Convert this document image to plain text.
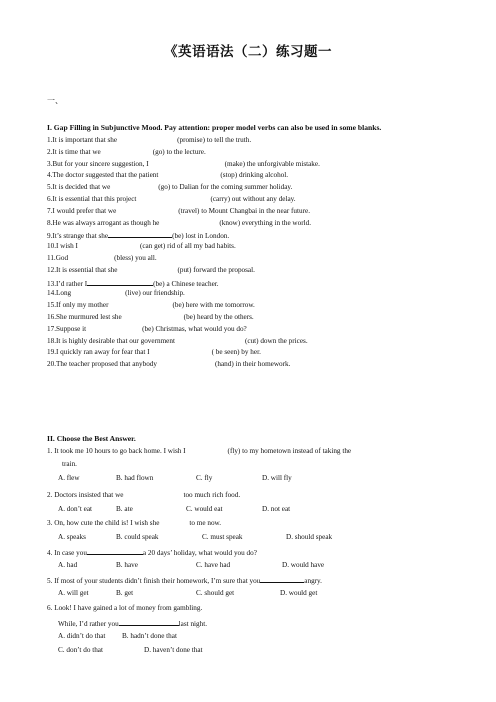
《英语语法（二）练习题一
一、
I. Gap Filling in Subjunctive Mood. Pay attention: proper model verbs can also be used in some blanks.
1.It is important that she	(promise) to tell the truth.
2.It is time that we	(go) to the lecture.
3.But for your sincere suggestion, I	(make) the unforgivable mistake.
4.The doctor suggested that the patient	(stop) drinking alcohol.
5.It is decided that we	(go) to Dalian for the coming summer holiday.
6.It is essential that this project	(carry) out without any delay.
7.I would prefer that we	(travel) to Mount Changbai in the near future.
8.He was always arrogant as though he	(know) everything in the world.
9.It’s strange that she	(be) lost in London.
10.I wish I	(can get) rid of all my bad habits.
11.God	(bless) you all.
12.It is essential that she	(put) forward the proposal.
13.I’d rather I	(be) a Chinese teacher.
14.Long	(live) our friendship.
15.If only my mother	(be) here with me tomorrow.
16.She murmured lest she	(be) heard by the others.
17.Suppose it	(be) Christmas, what would you do?
18.It is highly desirable that our government	(cut) down the prices.
19.I quickly ran away for fear that I	( be seen) by her.
20.The teacher proposed that anybody	(hand) in their homework.
II. Choose the Best Answer.
1. It took me 10 hours to go back home. I wish I	(fly) to my hometown instead of taking the
train.
A. flew	B. had flown	C. fly	D. will fly
2. Doctors insisted that we	too much rich food.
A. don’t eat	B. ate	C. would eat	D. not eat
3. On, how cute the child is! I wish she	to me now.
A. speaks	B. could speak	C. must speak	D. should speak
4. In case you	a 20 days’ holiday, what would you do?
A. had	B. have	C. have had	D. would have
5. If most of your students didn’t finish their homework, I’m sure that you	angry.
A. will get	B. get	C. should get	D. would get
6. Look! I have gained a lot of money from gambling.
While, I’d rather you	last night.
A. didn’t do that B. hadn’t done that
C. don’t do that	D. haven’t done that
